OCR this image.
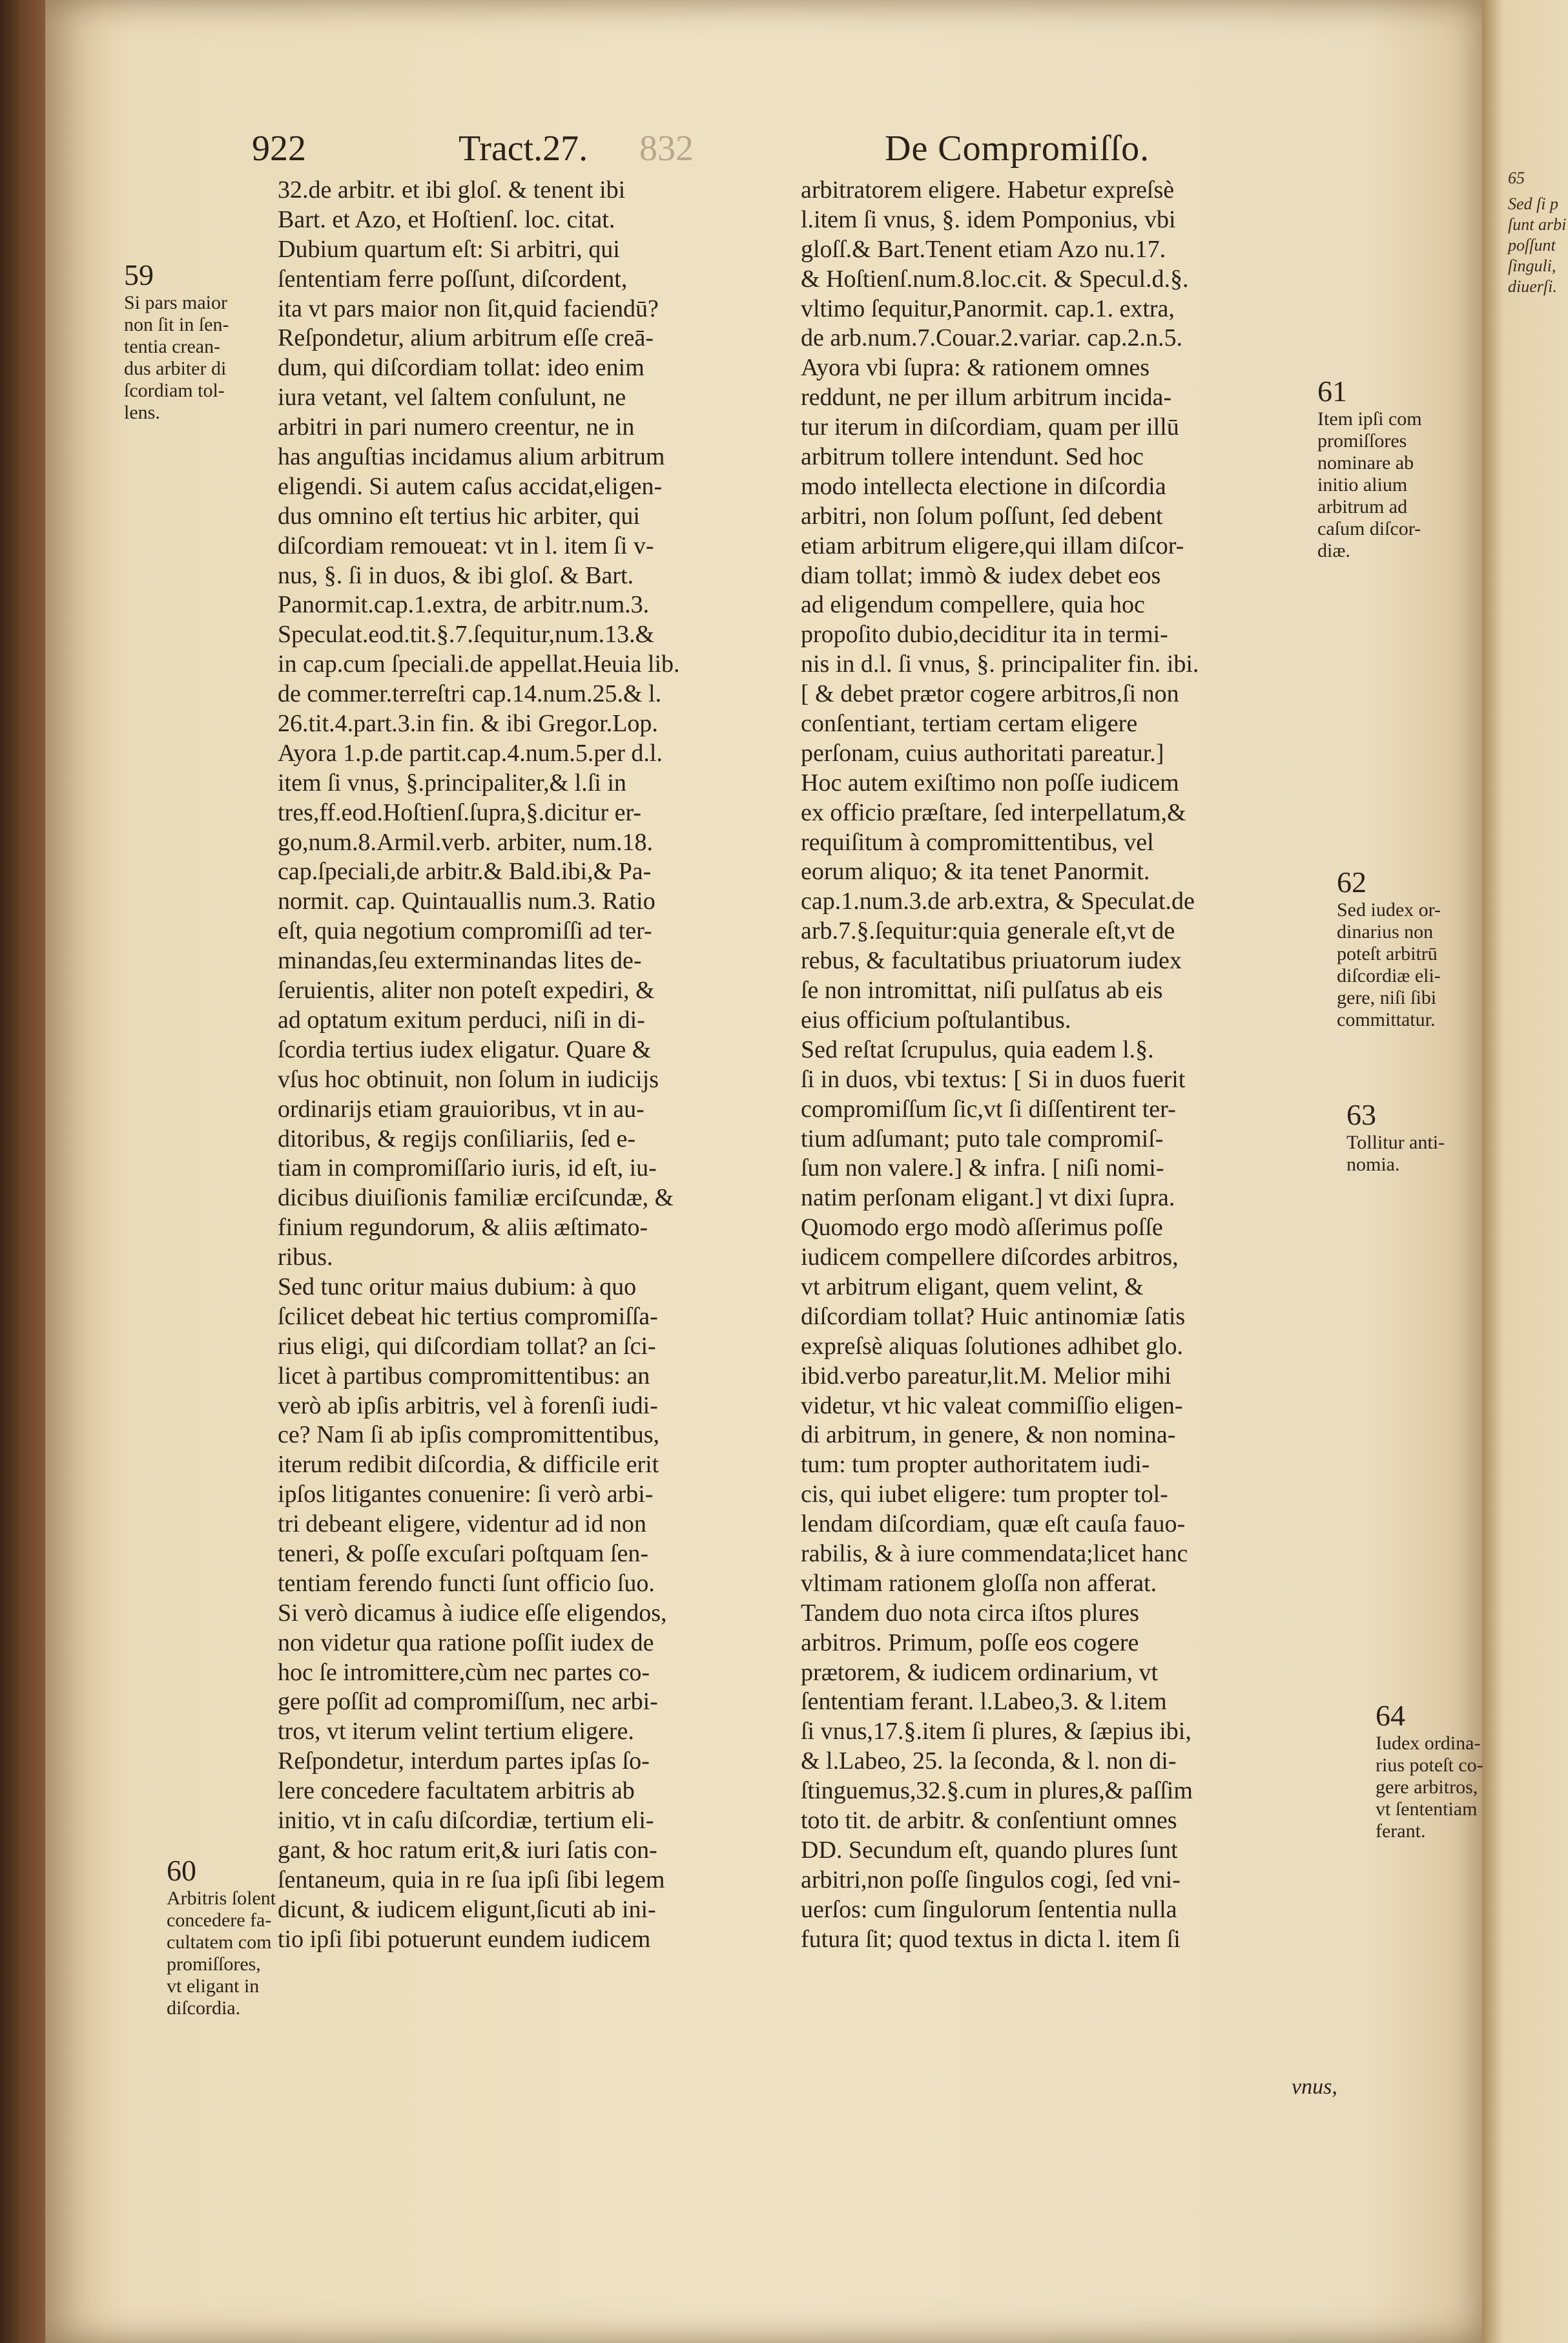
65
Sed ſi p
ſunt arbi
poſſunt
ſinguli,
diuerſi.
922	Tract.27. 832	De Compromiſſo.
32.de arbitr. et ibi gloſ. & tenent ibi
Bart. et Azo, et Hoſtienſ. loc. citat.
Dubium quartum eſt: Si arbitri, qui
ſententiam ferre poſſunt, diſcordent,
ita vt pars maior non ſit,quid faciendū?
Reſpondetur, alium arbitrum eſſe creā-
dum, qui diſcordiam tollat: ideo enim
iura vetant, vel ſaltem conſulunt, ne
arbitri in pari numero creentur, ne in
has anguſtias incidamus alium arbitrum
eligendi. Si autem caſus accidat,eligen-
dus omnino eſt tertius hic arbiter, qui
diſcordiam remoueat: vt in l. item ſi v-
nus, §. ſi in duos, & ibi gloſ. & Bart.
Panormit.cap.1.extra, de arbitr.num.3.
Speculat.eod.tit.§.7.ſequitur,num.13.&
in cap.cum ſpeciali.de appellat.Heuia lib.
de commer.terreſtri cap.14.num.25.& l.
26.tit.4.part.3.in fin. & ibi Gregor.Lop.
Ayora 1.p.de partit.cap.4.num.5.per d.l.
item ſi vnus, §.principaliter,& l.ſi in
tres,ff.eod.Hoſtienſ.ſupra,§.dicitur er-
go,num.8.Armil.verb. arbiter, num.18.
cap.ſpeciali,de arbitr.& Bald.ibi,& Pa-
normit. cap. Quintauallis num.3. Ratio
eſt, quia negotium compromiſſi ad ter-
minandas,ſeu exterminandas lites de-
ſeruientis, aliter non poteſt expediri, &
ad optatum exitum perduci, niſi in di-
ſcordia tertius iudex eligatur. Quare &
vſus hoc obtinuit, non ſolum in iudicijs
ordinarijs etiam grauioribus, vt in au-
ditoribus, & regijs conſiliariis, ſed e-
tiam in compromiſſario iuris, id eſt, iu-
dicibus diuiſionis familiæ erciſcundæ, &
finium regundorum, & aliis æſtimato-
ribus.
Sed tunc oritur maius dubium: à quo
ſcilicet debeat hic tertius compromiſſa-
rius eligi, qui diſcordiam tollat? an ſci-
licet à partibus compromittentibus: an
verò ab ipſis arbitris, vel à forenſi iudi-
ce? Nam ſi ab ipſis compromittentibus,
iterum redibit diſcordia, & difficile erit
ipſos litigantes conuenire: ſi verò arbi-
tri debeant eligere, videntur ad id non
teneri, & poſſe excuſari poſtquam ſen-
tentiam ferendo functi ſunt officio ſuo.
Si verò dicamus à iudice eſſe eligendos,
non videtur qua ratione poſſit iudex de
hoc ſe intromittere,cùm nec partes co-
gere poſſit ad compromiſſum, nec arbi-
tros, vt iterum velint tertium eligere.
Reſpondetur, interdum partes ipſas ſo-
lere concedere facultatem arbitris ab
initio, vt in caſu diſcordiæ, tertium eli-
gant, & hoc ratum erit,& iuri ſatis con-
ſentaneum, quia in re ſua ipſi ſibi legem
dicunt, & iudicem eligunt,ſicuti ab ini-
tio ipſi ſibi potuerunt eundem iudicem
arbitratorem eligere. Habetur expreſsè
l.item ſi vnus, §. idem Pomponius, vbi
gloſſ.& Bart.Tenent etiam Azo nu.17.
& Hoſtienſ.num.8.loc.cit. & Specul.d.§.
vltimo ſequitur,Panormit. cap.1. extra,
de arb.num.7.Couar.2.variar. cap.2.n.5.
Ayora vbi ſupra: & rationem omnes
reddunt, ne per illum arbitrum incida-
tur iterum in diſcordiam, quam per illū
arbitrum tollere intendunt. Sed hoc
modo intellecta electione in diſcordia
arbitri, non ſolum poſſunt, ſed debent
etiam arbitrum eligere,qui illam diſcor-
diam tollat; immò & iudex debet eos
ad eligendum compellere, quia hoc
propoſito dubio,deciditur ita in termi-
nis in d.l. ſi vnus, §. principaliter fin. ibi.
[ & debet prætor cogere arbitros,ſi non
conſentiant, tertiam certam eligere
perſonam, cuius authoritati pareatur.]
Hoc autem exiſtimo non poſſe iudicem
ex officio præſtare, ſed interpellatum,&
requiſitum à compromittentibus, vel
eorum aliquo; & ita tenet Panormit.
cap.1.num.3.de arb.extra, & Speculat.de
arb.7.§.ſequitur:quia generale eſt,vt de
rebus, & facultatibus priuatorum iudex
ſe non intromittat, niſi pulſatus ab eis
eius officium poſtulantibus.
Sed reſtat ſcrupulus, quia eadem l.§.
ſi in duos, vbi textus: [ Si in duos fuerit
compromiſſum ſic,vt ſi diſſentirent ter-
tium adſumant; puto tale compromiſ-
ſum non valere.] & infra. [ niſi nomi-
natim perſonam eligant.] vt dixi ſupra.
Quomodo ergo modò aſſerimus poſſe
iudicem compellere diſcordes arbitros,
vt arbitrum eligant, quem velint, &
diſcordiam tollat? Huic antinomiæ ſatis
expreſsè aliquas ſolutiones adhibet glo.
ibid.verbo pareatur,lit.M. Melior mihi
videtur, vt hic valeat commiſſio eligen-
di arbitrum, in genere, & non nomina-
tum: tum propter authoritatem iudi-
cis, qui iubet eligere: tum propter tol-
lendam diſcordiam, quæ eſt cauſa fauo-
rabilis, & à iure commendata;licet hanc
vltimam rationem gloſſa non afferat.
Tandem duo nota circa iſtos plures
arbitros. Primum, poſſe eos cogere
prætorem, & iudicem ordinarium, vt
ſententiam ferant. l.Labeo,3. & l.item
ſi vnus,17.§.item ſi plures, & ſæpius ibi,
& l.Labeo, 25. la ſeconda, & l. non di-
ſtinguemus,32.§.cum in plures,& paſſim
toto tit. de arbitr. & conſentiunt omnes
DD. Secundum eſt, quando plures ſunt
arbitri,non poſſe ſingulos cogi, ſed vni-
uerſos: cum ſingulorum ſententia nulla
futura ſit; quod textus in dicta l. item ſi
vnus,
59
Si pars maior
non ſit in ſen-
tentia crean-
dus arbiter di
ſcordiam tol-
lens.
60
Arbitris ſolent
concedere fa-
cultatem com
promiſſores,
vt eligant in
diſcordia.
61
Item ipſi com
promiſſores
nominare ab
initio alium
arbitrum ad
caſum diſcor-
diæ.
62
Sed iudex or-
dinarius non
poteſt arbitrū
diſcordiæ eli-
gere, niſi ſibi
committatur.
63
Tollitur anti-
nomia.
64
Iudex ordina-
rius poteſt co-
gere arbitros,
vt ſententiam
ferant.
